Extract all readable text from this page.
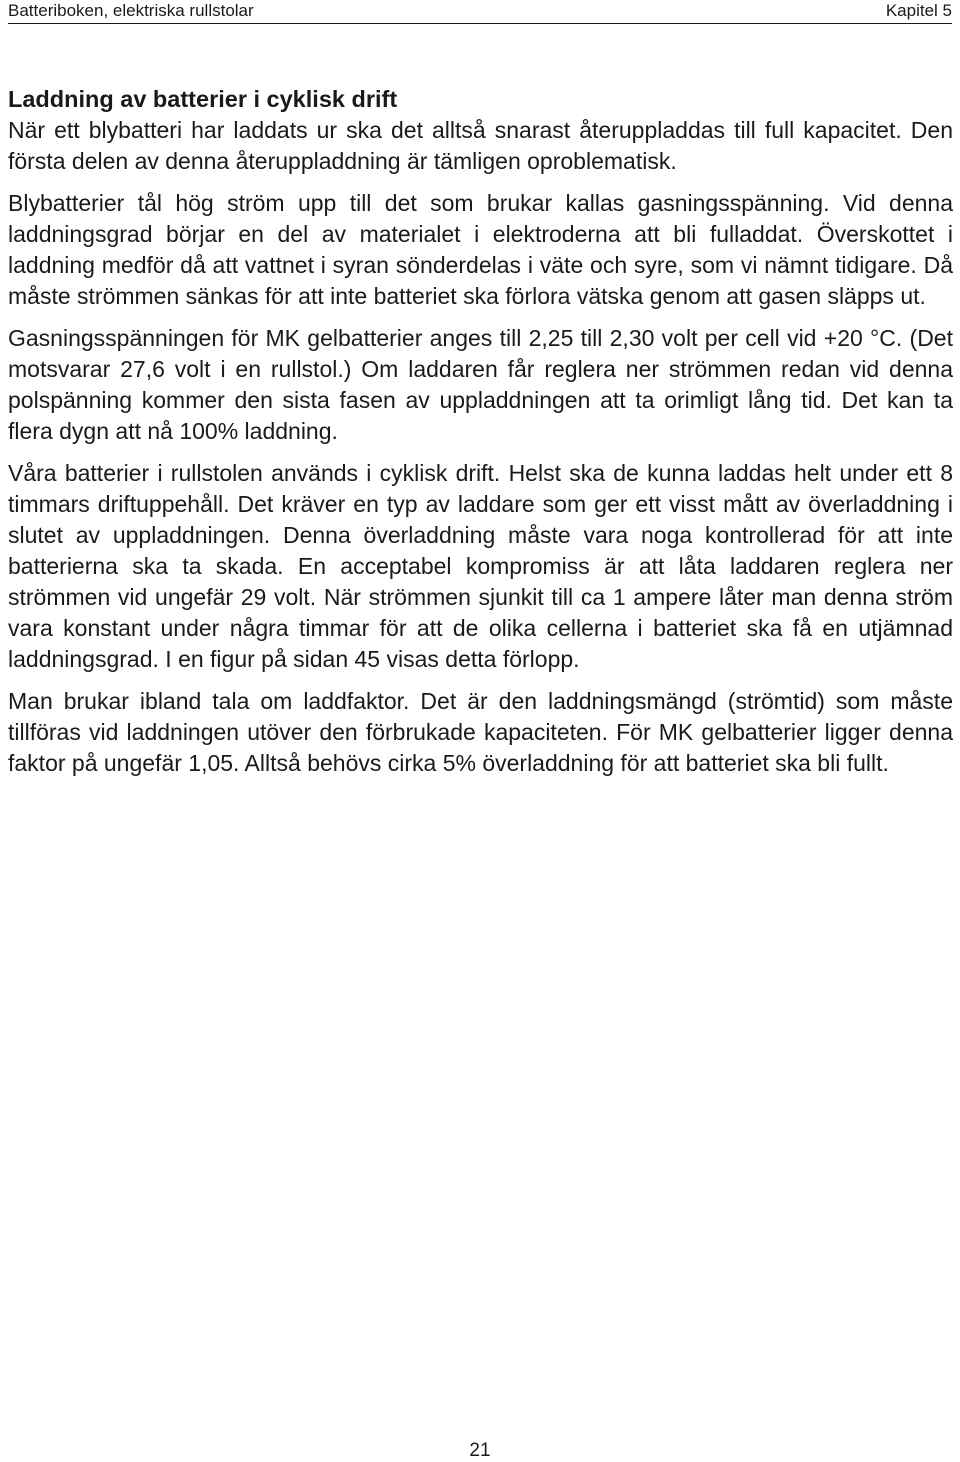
Batteriboken, elektriska rullstolar	Kapitel 5
Laddning av batterier i cyklisk drift

När ett blybatteri har laddats ur ska det alltså snarast återuppladdas till full kapacitet. Den första delen av denna återuppladdning är tämligen oproblematisk.

Blybatterier tål hög ström upp till det som brukar kallas gasningsspänning. Vid denna laddningsgrad börjar en del av materialet i elektroderna att bli fulladdat. Överskottet i laddning medför då att vattnet i syran sönderdelas i väte och syre, som vi nämnt tidigare. Då måste strömmen sänkas för att inte batteriet ska förlora vätska genom att gasen släpps ut.

Gasningsspänningen för MK gelbatterier anges till 2,25 till 2,30 volt per cell vid +20 °C. (Det motsvarar 27,6 volt i en rullstol.) Om laddaren får reglera ner strömmen redan vid denna polspänning kommer den sista fasen av uppladdningen att ta orimligt lång tid. Det kan ta flera dygn att nå 100% laddning.

Våra batterier i rullstolen används i cyklisk drift. Helst ska de kunna laddas helt under ett 8 timmars driftuppehåll. Det kräver en typ av laddare som ger ett visst mått av överladdning i slutet av uppladdningen. Denna överladdning måste vara noga kontrollerad för att inte batterierna ska ta skada. En acceptabel kompromiss är att låta laddaren reglera ner strömmen vid ungefär 29 volt. När strömmen sjunkit till ca 1 ampere låter man denna ström vara konstant under några timmar för att de olika cellerna i batteriet ska få en utjämnad laddningsgrad. I en figur på sidan 45 visas detta förlopp.

Man brukar ibland tala om laddfaktor. Det är den laddningsmängd (strömtid) som måste tillföras vid laddningen utöver den förbrukade kapaciteten. För MK gelbatterier ligger denna faktor på ungefär 1,05. Alltså behövs cirka 5% överladdning för att batteriet ska bli fullt.

21
